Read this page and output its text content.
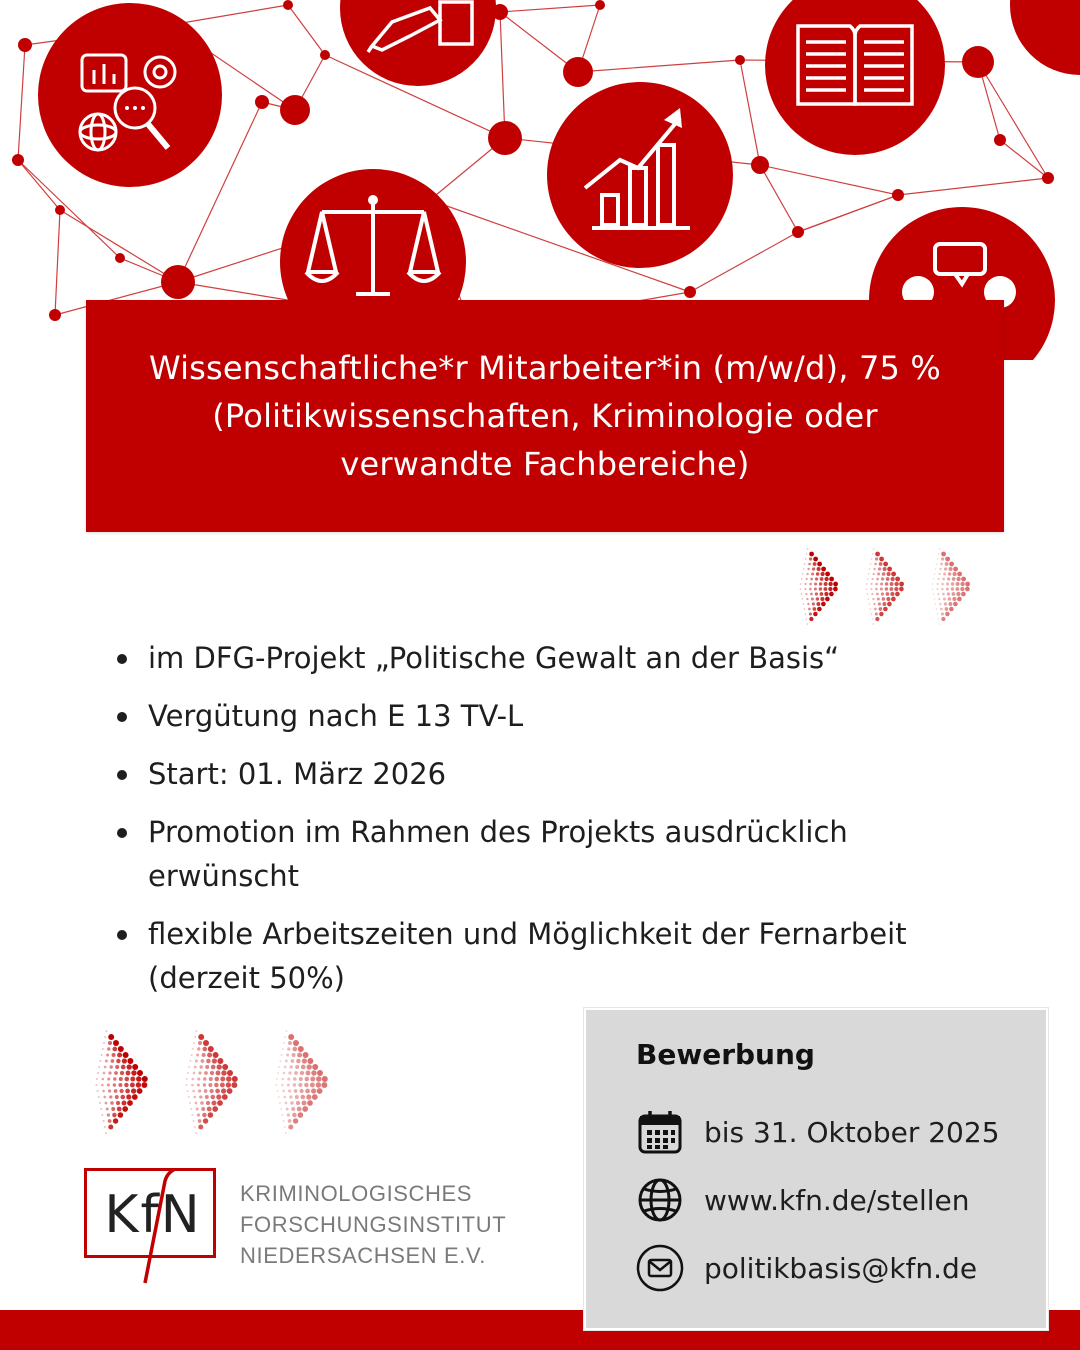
Wissenschaftliche*r Mitarbeiter*in (m/w/d), 75 %
(Politikwissenschaften, Kriminologie oder
verwandte Fachbereiche)
im DFG-Projekt „Politische Gewalt an der Basis“
Vergütung nach E 13 TV-L
Start: 01. März 2026
Promotion im Rahmen des Projekts ausdrücklich erwünscht
flexible Arbeitszeiten und Möglichkeit der Fernarbeit (derzeit 50%)
KfN	KRIMINOLOGISCHES
FORSCHUNGSINSTITUT
NIEDERSACHSEN E.V.
Bewerbung
bis 31. Oktober 2025
www.kfn.de/stellen
politikbasis@kfn.de
